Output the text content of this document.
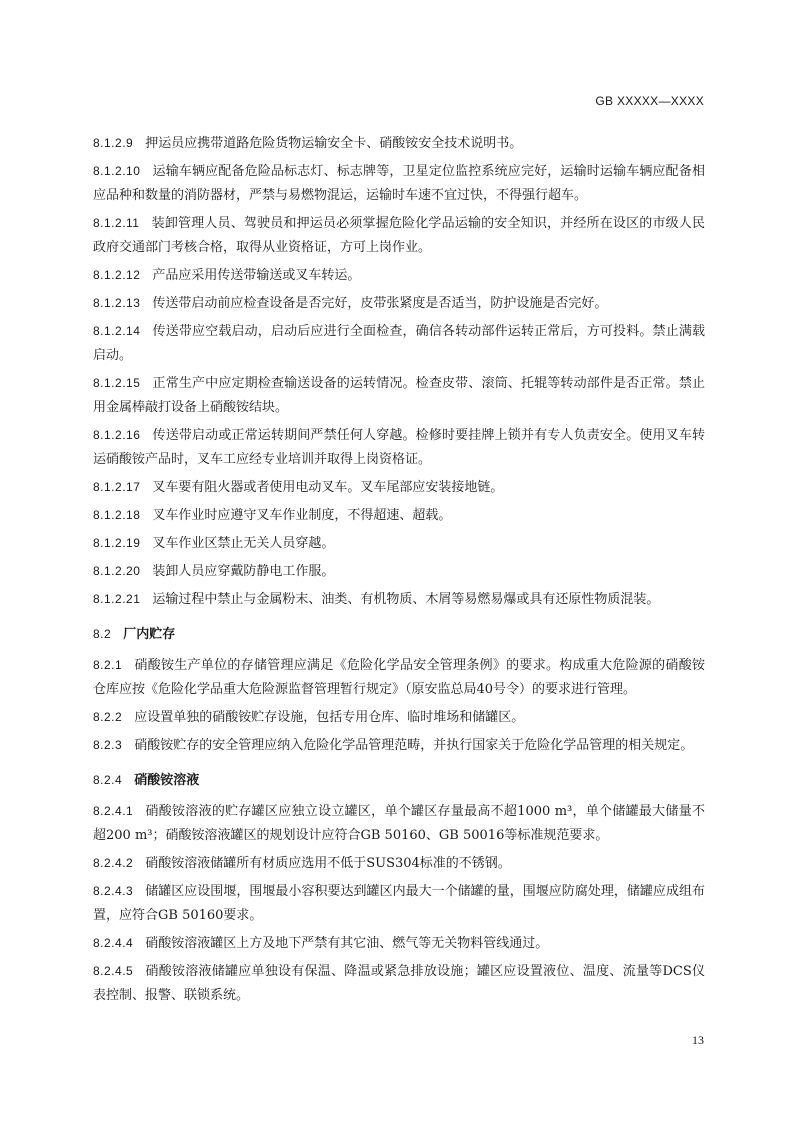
GB XXXXX—XXXX

8.1.2.9 押运员应携带道路危险货物运输安全卡、硝酸铵安全技术说明书。

8.1.2.10 运输车辆应配备危险品标志灯、标志牌等，卫星定位监控系统应完好，运输时运输车辆应配备相应品种和数量的消防器材，严禁与易燃物混运，运输时车速不宜过快，不得强行超车。

8.1.2.11 装卸管理人员、驾驶员和押运员必须掌握危险化学品运输的安全知识，并经所在设区的市级人民政府交通部门考核合格，取得从业资格证，方可上岗作业。

8.1.2.12 产品应采用传送带输送或叉车转运。

8.1.2.13 传送带启动前应检查设备是否完好，皮带张紧度是否适当，防护设施是否完好。

8.1.2.14 传送带应空载启动，启动后应进行全面检查，确信各转动部件运转正常后，方可投料。禁止满载启动。

8.1.2.15 正常生产中应定期检查输送设备的运转情况。检查皮带、滚筒、托辊等转动部件是否正常。禁止用金属棒敲打设备上硝酸铵结块。

8.1.2.16 传送带启动或正常运转期间严禁任何人穿越。检修时要挂牌上锁并有专人负责安全。使用叉车转运硝酸铵产品时，叉车工应经专业培训并取得上岗资格证。

8.1.2.17 叉车要有阻火器或者使用电动叉车。叉车尾部应安装接地链。

8.1.2.18 叉车作业时应遵守叉车作业制度，不得超速、超载。

8.1.2.19 叉车作业区禁止无关人员穿越。

8.1.2.20 装卸人员应穿戴防静电工作服。

8.1.2.21 运输过程中禁止与金属粉末、油类、有机物质、木屑等易燃易爆或具有还原性物质混装。

8.2 厂内贮存

8.2.1 硝酸铵生产单位的存储管理应满足《危险化学品安全管理条例》的要求。构成重大危险源的硝酸铵仓库应按《危险化学品重大危险源监督管理暂行规定》（原安监总局40号令）的要求进行管理。

8.2.2 应设置单独的硝酸铵贮存设施，包括专用仓库、临时堆场和储罐区。

8.2.3 硝酸铵贮存的安全管理应纳入危险化学品管理范畴，并执行国家关于危险化学品管理的相关规定。

8.2.4 硝酸铵溶液

8.2.4.1 硝酸铵溶液的贮存罐区应独立设立罐区，单个罐区存量最高不超1000 m³，单个储罐最大储量不超200 m³；硝酸铵溶液罐区的规划设计应符合GB 50160、GB 50016等标准规范要求。

8.2.4.2 硝酸铵溶液储罐所有材质应选用不低于SUS304标准的不锈钢。

8.2.4.3 储罐区应设围堰，围堰最小容积要达到罐区内最大一个储罐的量，围堰应防腐处理，储罐应成组布置，应符合GB 50160要求。

8.2.4.4 硝酸铵溶液罐区上方及地下严禁有其它油、燃气等无关物料管线通过。

8.2.4.5 硝酸铵溶液储罐应单独设有保温、降温或紧急排放设施；罐区应设置液位、温度、流量等DCS仪表控制、报警、联锁系统。

13
